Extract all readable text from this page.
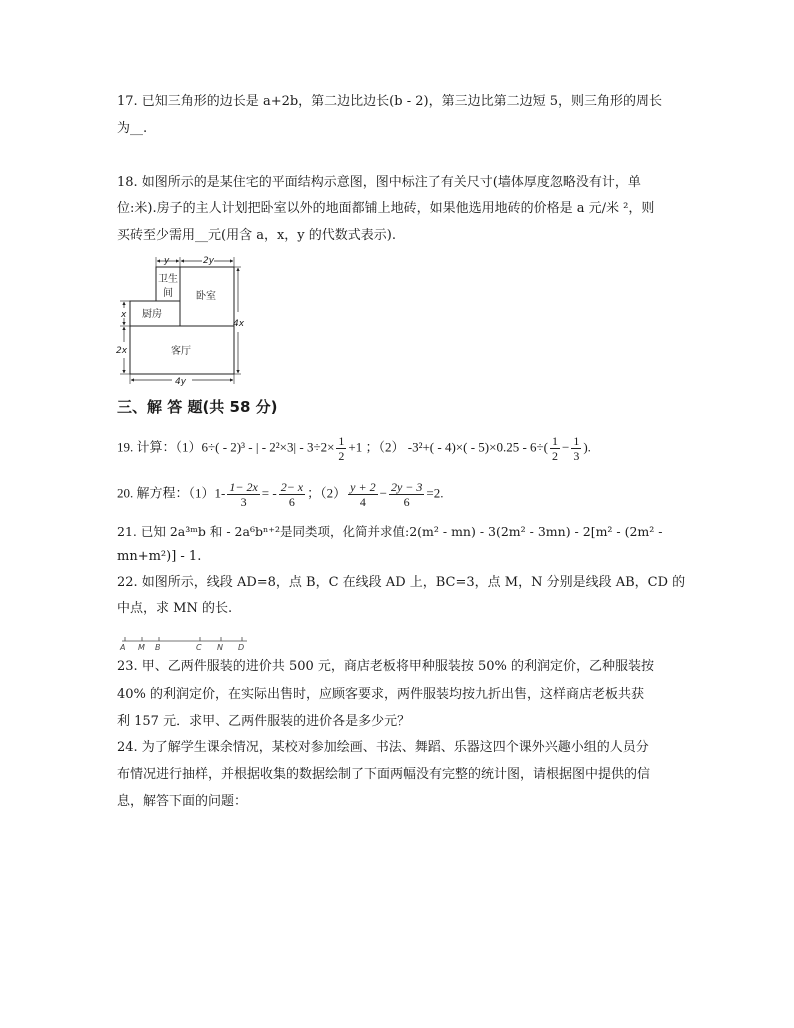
17. 已知三角形的边长是 a+2b，第二边比边长(b - 2)，第三边比第二边短 5，则三角形的周长
为__.
18. 如图所示的是某住宅的平面结构示意图，图中标注了有关尺寸(墙体厚度忽略没有计，单
位:米).房子的主人计划把卧室以外的地面都铺上地砖，如果他选用地砖的价格是 a 元/米 ²，则
买砖至少需用__元(用含 a，x，y 的代数式表示).
卫生
间 卧室
厨房
客厅
y	2y
x
2x
4x
4y
三、解 答 题(共 58 分)
19. 计算：（1）6÷( - 2)³ - | - $2^2\times 3| - 3\div 2\times \frac{1}{2} +1$ ；（2） $-3^2+( - 4)\times( - 5)\times 0.25 - 6\div( \frac{1}{2} - \frac{1}{3}$ ).
20. 解方程：$(1)1- \frac{1- 2x}{3}$ = - $\frac{2- x}{6}$ ；$(2) \frac{y + 2}{4} - \frac{2y - 3}{6} =2$.
21. 已知 2a³ᵐb 和 - 2a⁶bⁿ⁺²是同类项，化简并求值:2(m² - mn) - 3(2m² - 3mn) - 2[m² - (2m² -
mn+m²)] - 1.
22. 如图所示，线段 AD=8，点 B，C 在线段 AD 上，BC=3，点 M，N 分别是线段 AB，CD 的
中点，求 MN 的长.
A M B	C N D
23. 甲、乙两件服装的进价共 500 元，商店老板将甲种服装按 50% 的利润定价，乙种服装按
40% 的利润定价，在实际出售时，应顾客要求，两件服装均按九折出售，这样商店老板共获
利 157 元．求甲、乙两件服装的进价各是多少元？
24. 为了解学生课余情况，某校对参加绘画、书法、舞蹈、乐器这四个课外兴趣小组的人员分
布情况进行抽样，并根据收集的数据绘制了下面两幅没有完整的统计图，请根据图中提供的信
息，解答下面的问题：
